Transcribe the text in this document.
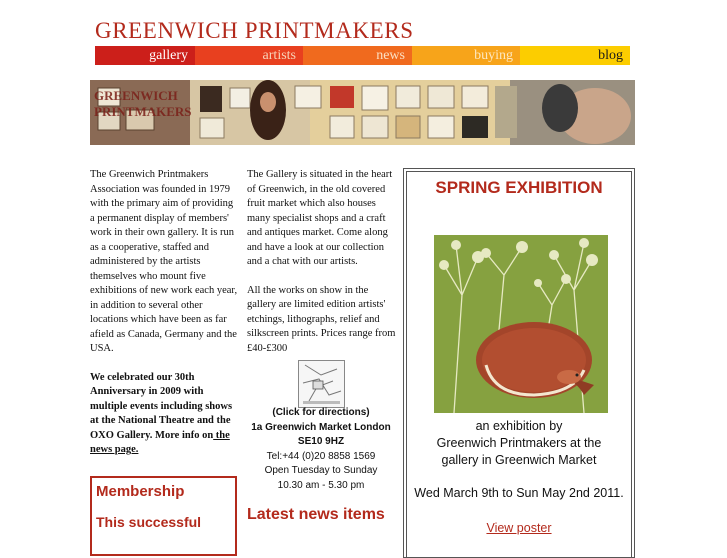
GREENWICH PRINTMAKERS
gallery	artists	news	buying	blog
GREENWICH
PRINTMAKERS

The Greenwich Printmakers Association was founded in 1979 with the primary aim of providing a permanent display of members' work in their own gallery. It is run as a cooperative, staffed and administered by the artists themselves who mount five exhibitions of new work each year, in addition to several other locations which have been as far afield as Canada, Germany and the USA.

We celebrated our 30th Anniversary in 2009 with multiple events including shows at the National Theatre and the OXO Gallery. More info on the news page.

The Gallery is situated in the heart of Greenwich, in the old covered fruit market which also houses many specialist shops and a craft and antiques market. Come along and have a look at our collection and a chat with our artists.

All the works on show in the gallery are limited edition artists' etchings, lithographs, relief and silkscreen prints. Prices range from £40-£300

(Click for directions)
1a Greenwich Market London
SE10 9HZ
Tel:+44 (0)20 8858 1569
Open Tuesday to Sunday
10.30 am - 5.30 pm
Latest news items
Membership
This successful
SPRING EXHIBITION
an exhibition by
Greenwich Printmakers at the
gallery in Greenwich Market
Wed March 9th to Sun May 2nd 2011.
View poster
